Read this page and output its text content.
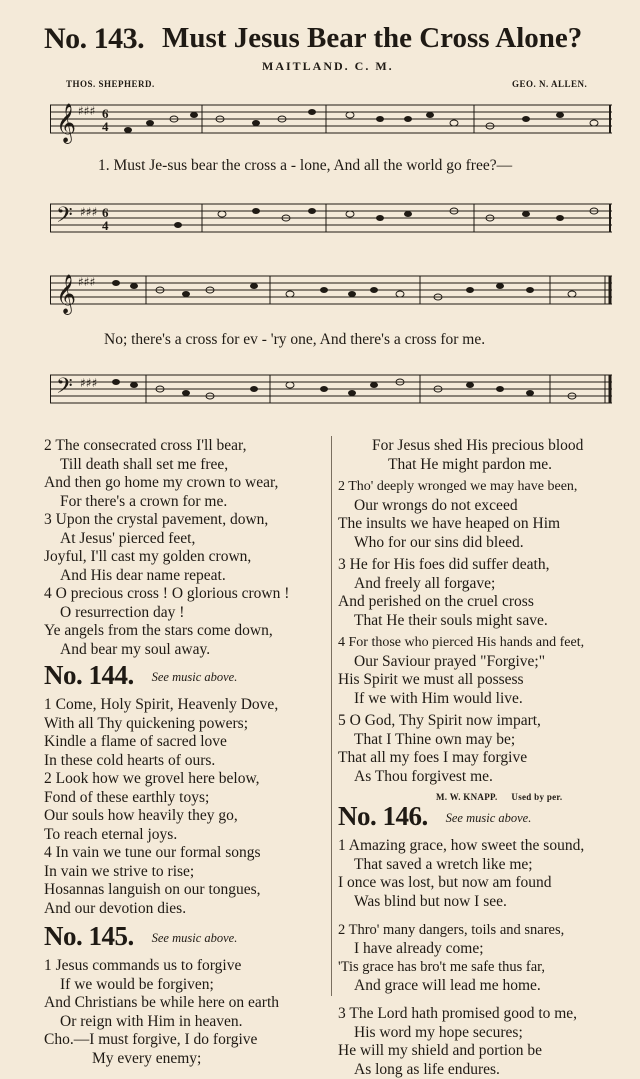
No. 143. Must Jesus Bear the Cross Alone?
MAITLAND. C. M.
THOS. SHEPHERD.	GEO. N. ALLEN.
𝄞 ♯♯♯ 6
4
1. Must Je-sus bear the cross a - lone, And all the world go free?—
𝄢 ♯♯♯ 6
4
𝄞 ♯♯♯
No; there's a cross for ev - 'ry one, And there's a cross for me.
𝄢 ♯♯♯
2 The consecrated cross I'll bear,
Till death shall set me free,
And then go home my crown to wear,
For there's a crown for me.
3 Upon the crystal pavement, down,
At Jesus' pierced feet,
Joyful, I'll cast my golden crown,
And His dear name repeat.
4 O precious cross ! O glorious crown !
O resurrection day !
Ye angels from the stars come down,
And bear my soul away.
No. 144. See music above.
1 Come, Holy Spirit, Heavenly Dove,
With all Thy quickening powers;
Kindle a flame of sacred love
In these cold hearts of ours.
2 Look how we grovel here below,
Fond of these earthly toys;
Our souls how heavily they go,
To reach eternal joys.
4 In vain we tune our formal songs
In vain we strive to rise;
Hosannas languish on our tongues,
And our devotion dies.
No. 145. See music above.
1 Jesus commands us to forgive
If we would be forgiven;
And Christians be while here on earth
Or reign with Him in heaven.
Cho.—I must forgive, I do forgive
My every enemy;
For Jesus shed His precious blood
That He might pardon me.
2 Tho' deeply wronged we may have been,
Our wrongs do not exceed
The insults we have heaped on Him
Who for our sins did bleed.
3 He for His foes did suffer death,
And freely all forgave;
And perished on the cruel cross
That He their souls might save.
4 For those who pierced His hands and feet,
Our Saviour prayed "Forgive;"
His Spirit we must all possess
If we with Him would live.
5 O God, Thy Spirit now impart,
That I Thine own may be;
That all my foes I may forgive
As Thou forgivest me.
M. W. KNAPP. Used by per.
No. 146. See music above.
1 Amazing grace, how sweet the sound,
That saved a wretch like me;
I once was lost, but now am found
Was blind but now I see.
2 Thro' many dangers, toils and snares,
I have already come;
'Tis grace has bro't me safe thus far,
And grace will lead me home.
3 The Lord hath promised good to me,
His word my hope secures;
He will my shield and portion be
As long as life endures.
